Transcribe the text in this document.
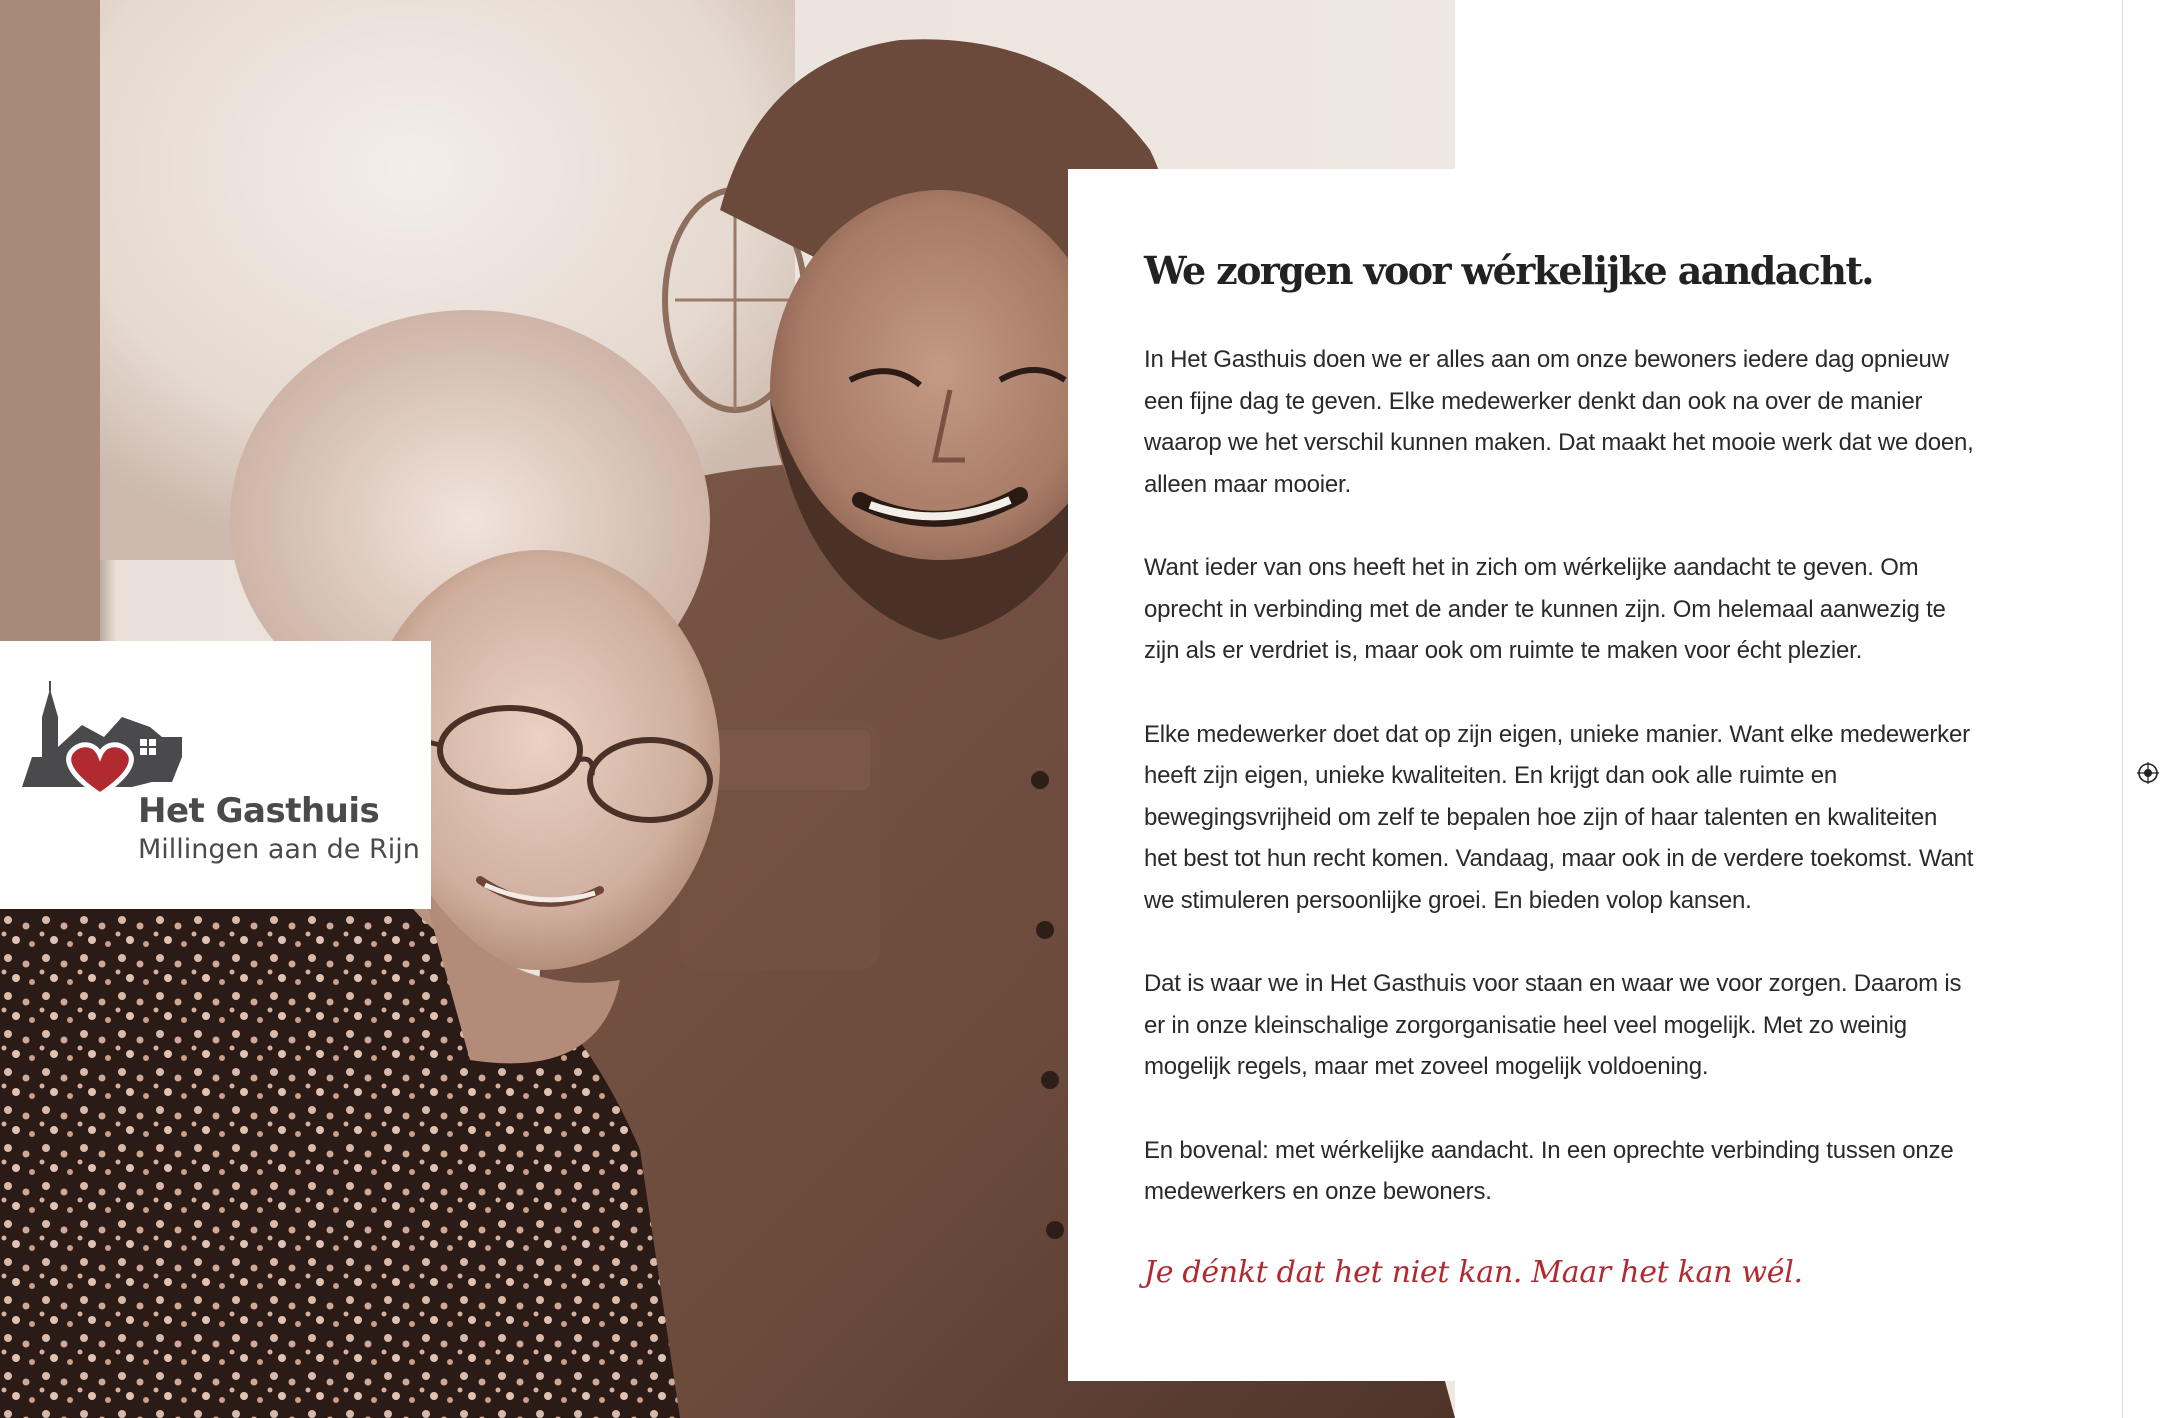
Het Gasthuis
Millingen aan de Rijn
We zorgen voor wérkelijke aandacht.

In Het Gasthuis doen we er alles aan om onze bewoners iedere dag opnieuw een fijne dag te geven. Elke medewerker denkt dan ook na over de manier waarop we het verschil kunnen maken. Dat maakt het mooie werk dat we doen, alleen maar mooier.

Want ieder van ons heeft het in zich om wérkelijke aandacht te geven. Om oprecht in verbinding met de ander te kunnen zijn. Om helemaal aanwezig te zijn als er verdriet is, maar ook om ruimte te maken voor écht plezier.

Elke medewerker doet dat op zijn eigen, unieke manier. Want elke medewerker heeft zijn eigen, unieke kwaliteiten. En krijgt dan ook alle ruimte en bewegingsvrijheid om zelf te bepalen hoe zijn of haar talenten en kwaliteiten het best tot hun recht komen. Vandaag, maar ook in de verdere toekomst. Want we stimuleren persoonlijke groei. En bieden volop kansen.

Dat is waar we in Het Gasthuis voor staan en waar we voor zorgen. Daarom is er in onze kleinschalige zorgorganisatie heel veel mogelijk. Met zo weinig mogelijk regels, maar met zoveel mogelijk voldoening.

En bovenal: met wérkelijke aandacht. In een oprechte verbinding tussen onze medewerkers en onze bewoners.

Je dénkt dat het niet kan. Maar het kan wél.
